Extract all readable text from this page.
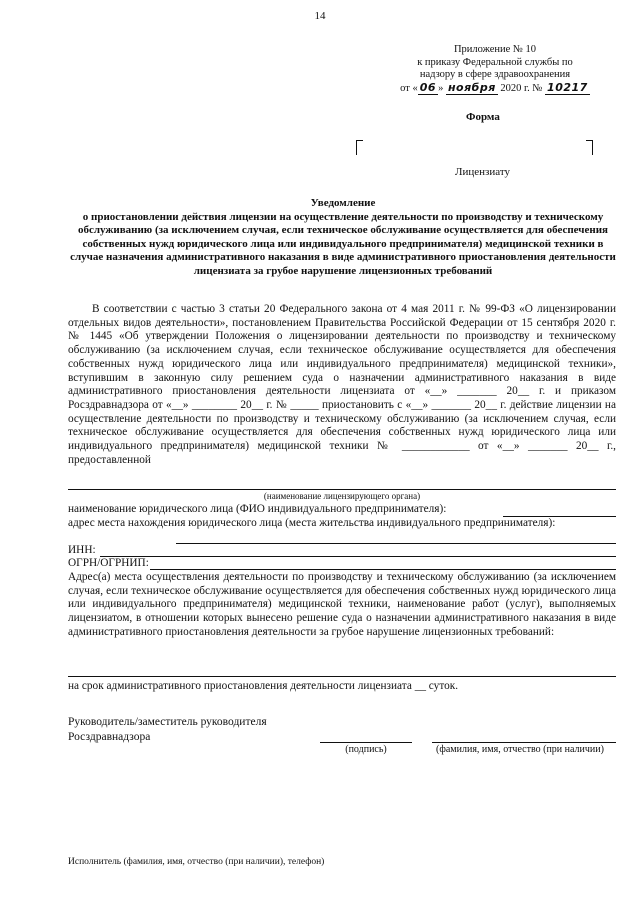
14
Приложение № 10
к приказу Федеральной службы по
надзору в сфере здравоохранения
от « 06 » ноября 2020 г. № 10217
Форма
Лицензиату
Уведомление
о приостановлении действия лицензии на осуществление деятельности по производству и техническому обслуживанию (за исключением случая, если техническое обслуживание осуществляется для обеспечения собственных нужд юридического лица или индивидуального предпринимателя) медицинской техники в случае назначения административного наказания в виде административного приостановления деятельности лицензиата за грубое нарушение лицензионных требований
В соответствии с частью 3 статьи 20 Федерального закона от 4 мая 2011 г. № 99-ФЗ «О лицензировании отдельных видов деятельности», постановлением Правительства Российской Федерации от 15 сентября 2020 г. № 1445 «Об утверждении Положения о лицензировании деятельности по производству и техническому обслуживанию (за исключением случая, если техническое обслуживание осуществляется для обеспечения собственных нужд юридического лица или индивидуального предпринимателя) медицинской техники», вступившим в законную силу решением суда о назначении административного наказания в виде административного приостановления деятельности лицензиата от «__» _______ 20__ г. и приказом Росздравнадзора от «__» ________ 20__ г. № _____ приостановить с «__» _______ 20__ г. действие лицензии на осуществление деятельности по производству и техническому обслуживанию (за исключением случая, если техническое обслуживание осуществляется для обеспечения собственных нужд юридического лица или индивидуального предпринимателя) медицинской техники № ____________ от «__» _______ 20__ г., предоставленной
(наименование лицензирующего органа)
наименование юридического лица (ФИО индивидуального предпринимателя):
адрес места нахождения юридического лица (места жительства индивидуального предпринимателя):
ИНН:
ОГРН/ОГРНИП:
Адрес(а) места осуществления деятельности по производству и техническому обслуживанию (за исключением случая, если техническое обслуживание осуществляется для обеспечения собственных нужд юридического лица или индивидуального предпринимателя) медицинской техники, наименование работ (услуг), выполняемых лицензиатом, в отношении которых вынесено решение суда о назначении административного наказания в виде административного приостановления деятельности за грубое нарушение лицензионных требований:
на срок административного приостановления деятельности лицензиата __ суток.
Руководитель/заместитель руководителя
Росздравнадзора
(подпись)	(фамилия, имя, отчество (при наличии)
Исполнитель (фамилия, имя, отчество (при наличии), телефон)
